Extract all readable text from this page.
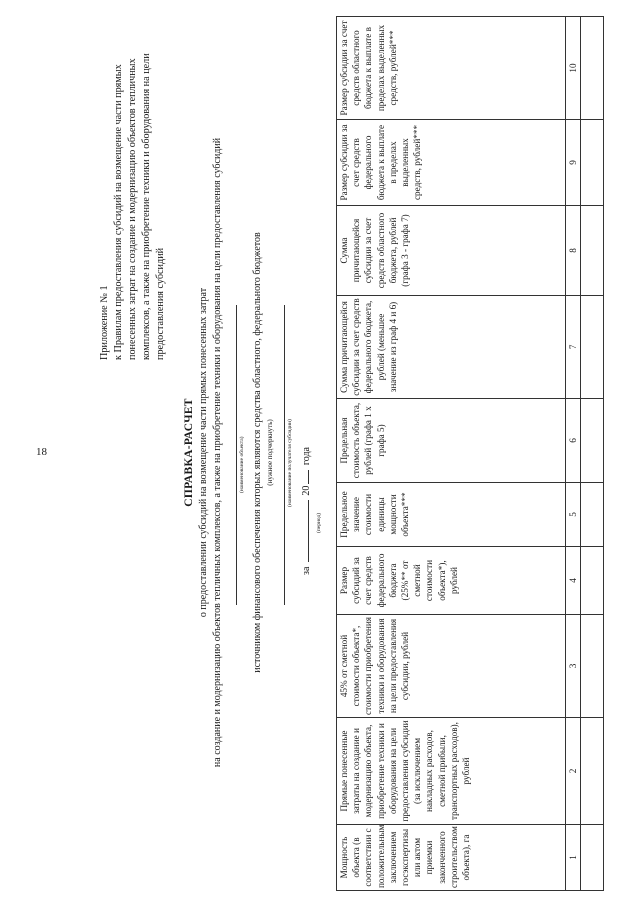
18
Приложение № 1 к Правилам предоставления субсидий на возмещение части прямых понесенных затрат на создание и модернизацию объектов тепличных комплексов, а также на приобретение техники и оборудования на цели предоставления субсидий
СПРАВКА-РАСЧЕТ о предоставлении субсидий на возмещение части прямых понесенных затрат на создание и модернизацию объектов тепличных комплексов, а также на приобретение техники и оборудования на цели предоставления субсидий	(наименование объекта) источником финансового обеспечения которых являются средства областного, федерального бюджетов (нужное подчеркнуть) (наименование получателя субсидии)
за  20 года
(период)
Мощность объекта (в соответствии с положительным заключением госэкспертизы или актом приемки законченного строительством объекта), га	Прямые понесенные затраты на создание и модернизацию объекта, приобретение техники и оборудования на цели предоставления субсидии (за исключением накладных расходов, сметной прибыли, транспортных расходов), рублей	45% от сметной стоимости объекта*, стоимости приобретения техники и оборудования на цели предоставления субсидии, рублей	Размер субсидий за счет средств федерального бюджета (25%** от сметной стоимости объекта*), рублей	Предельное значение стоимости единицы мощности объекта***	Предельная стоимость объекта, рублей (графа 1 x графа 5)	Сумма причитающейся субсидии за счет средств федерального бюджета, рублей (меньшее значение из граф 4 и 6)	Сумма причитающейся субсидии за счет средств областного бюджета, рублей (графа 3 - графа 7)	Размер субсидии за счет средств федерального бюджета к выплате в пределах выделенных средств, рублей***	Размер субсидии за счет средств областного бюджета к выплате в пределах выделенных средств, рублей***
1	2	3	4	5	6	7	8	9	10
